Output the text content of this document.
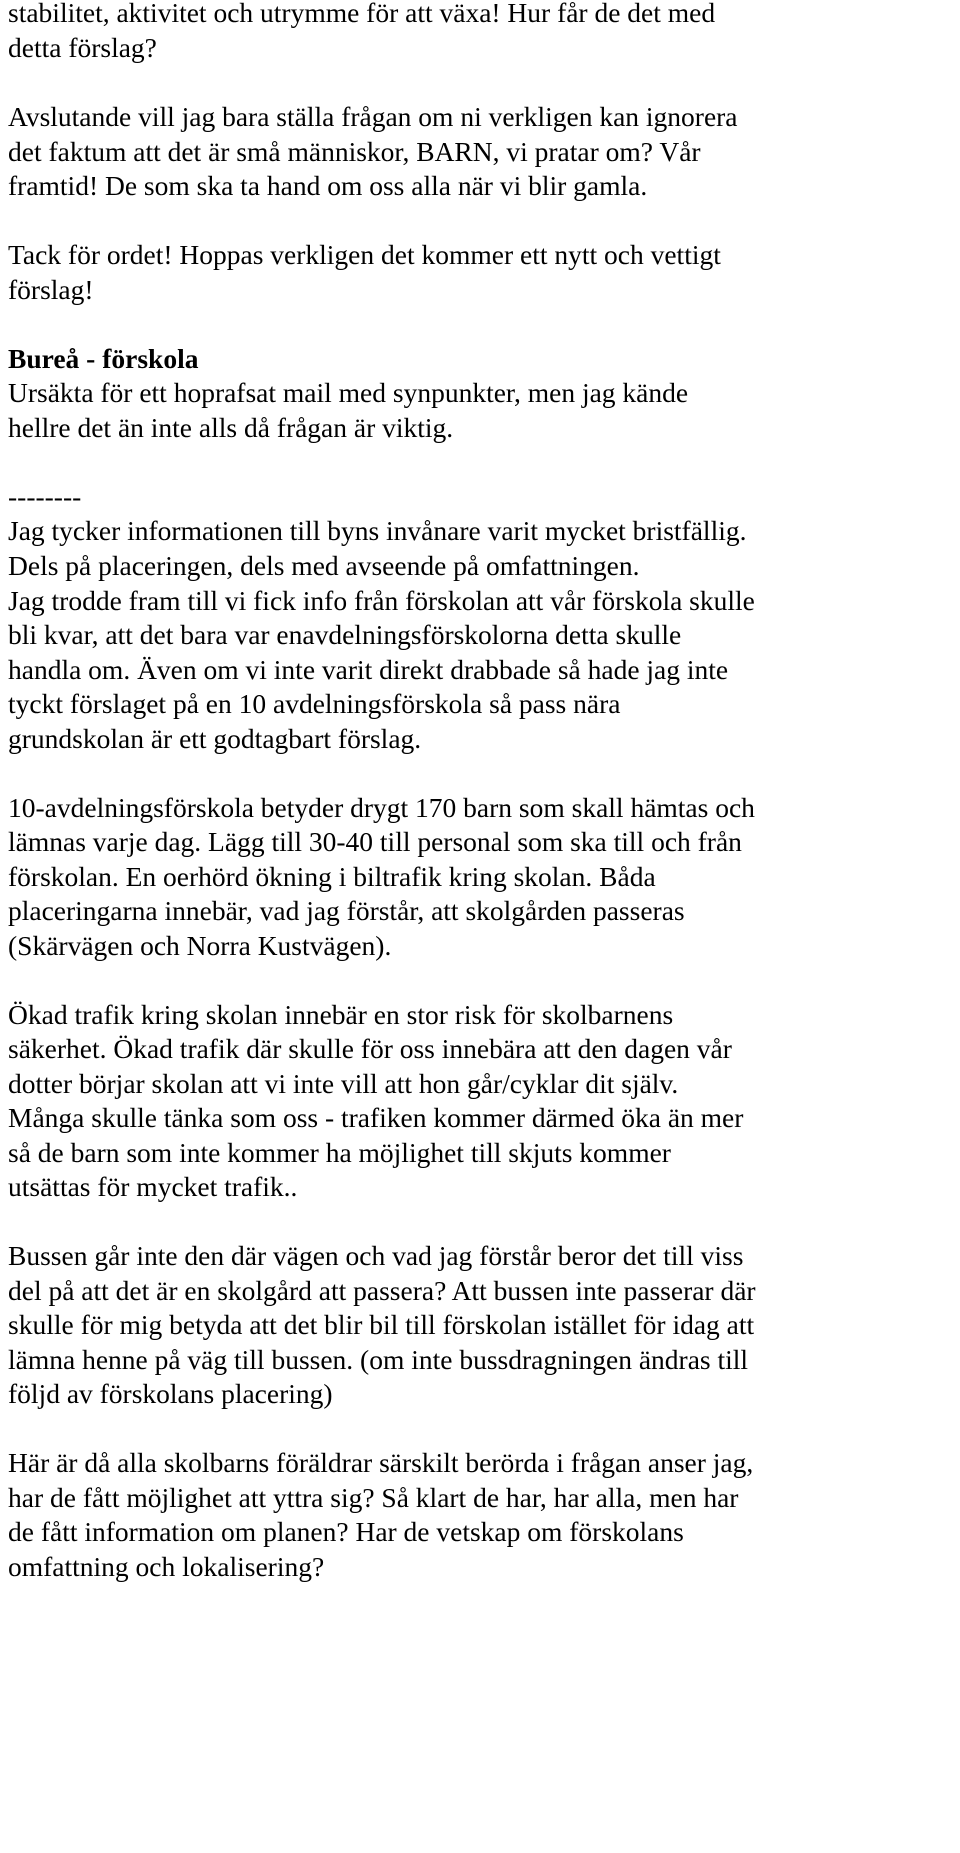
stabilitet, aktivitet och utrymme för att växa! Hur får de det med
detta förslag?
Avslutande vill jag bara ställa frågan om ni verkligen kan ignorera
det faktum att det är små människor, BARN, vi pratar om? Vår
framtid! De som ska ta hand om oss alla när vi blir gamla.
Tack för ordet! Hoppas verkligen det kommer ett nytt och vettigt
förslag!
Bureå - förskola
Ursäkta för ett hoprafsat mail med synpunkter, men jag kände
hellre det än inte alls då frågan är viktig.
--------
Jag tycker informationen till byns invånare varit mycket bristfällig.
Dels på placeringen, dels med avseende på omfattningen.
Jag trodde fram till vi fick info från förskolan att vår förskola skulle
bli kvar, att det bara var enavdelningsförskolorna detta skulle
handla om. Även om vi inte varit direkt drabbade så hade jag inte
tyckt förslaget på en 10 avdelningsförskola så pass nära
grundskolan är ett godtagbart förslag.
10-avdelningsförskola betyder drygt 170 barn som skall hämtas och
lämnas varje dag. Lägg till 30-40 till personal som ska till och från
förskolan. En oerhörd ökning i biltrafik kring skolan. Båda
placeringarna innebär, vad jag förstår, att skolgården passeras
(Skärvägen och Norra Kustvägen).
Ökad trafik kring skolan innebär en stor risk för skolbarnens
säkerhet. Ökad trafik där skulle för oss innebära att den dagen vår
dotter börjar skolan att vi inte vill att hon går/cyklar dit själv.
Många skulle tänka som oss - trafiken kommer därmed öka än mer
så de barn som inte kommer ha möjlighet till skjuts kommer
utsättas för mycket trafik..
Bussen går inte den där vägen och vad jag förstår beror det till viss
del på att det är en skolgård att passera? Att bussen inte passerar där
skulle för mig betyda att det blir bil till förskolan istället för idag att
lämna henne på väg till bussen. (om inte bussdragningen ändras till
följd av förskolans placering)
Här är då alla skolbarns föräldrar särskilt berörda i frågan anser jag,
har de fått möjlighet att yttra sig? Så klart de har, har alla, men har
de fått information om planen? Har de vetskap om förskolans
omfattning och lokalisering?
